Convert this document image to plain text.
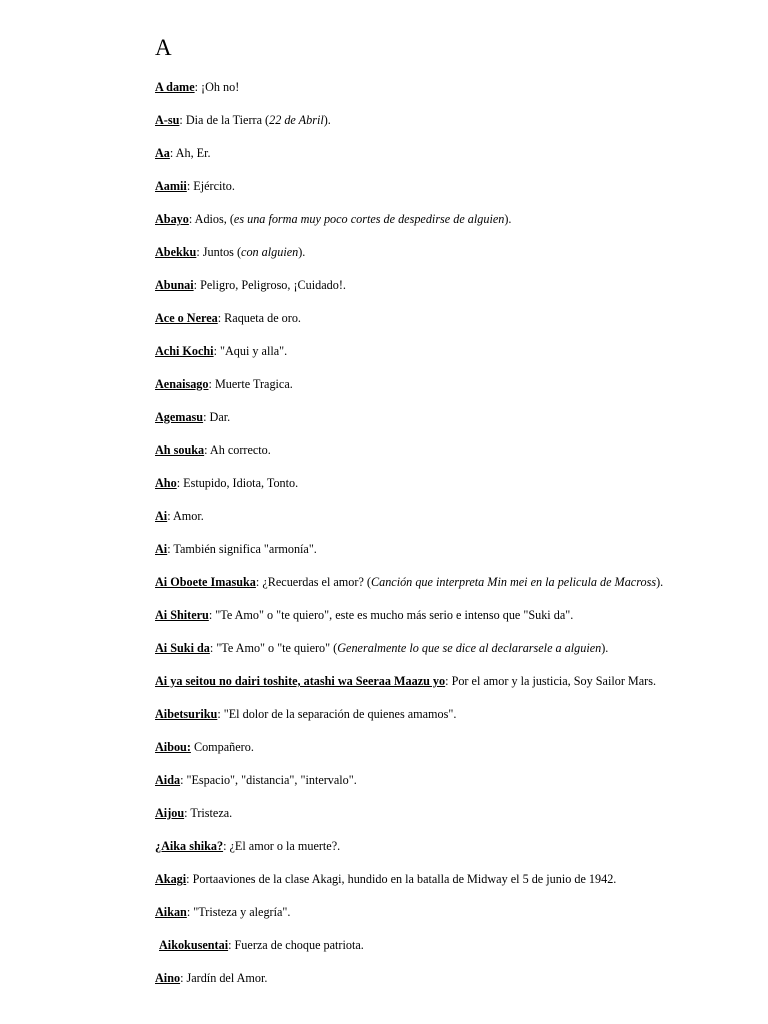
A
A dame: ¡Oh no!
A-su: Dia de la Tierra (22 de Abril).
Aa: Ah, Er.
Aamii: Ejército.
Abayo: Adios, (es una forma muy poco cortes de despedirse de alguien).
Abekku: Juntos (con alguien).
Abunai: Peligro, Peligroso, ¡Cuidado!.
Ace o Nerea: Raqueta de oro.
Achi Kochi: "Aqui y alla".
Aenaisago: Muerte Tragica.
Agemasu: Dar.
Ah souka: Ah correcto.
Aho: Estupido, Idiota, Tonto.
Ai: Amor.
Ai: También significa "armonía".
Ai Oboete Imasuka: ¿Recuerdas el amor? (Canción que interpreta Min mei en la pelicula de Macross).
Ai Shiteru: "Te Amo" o "te quiero", este es mucho más serio e intenso que "Suki da".
Ai Suki da: "Te Amo" o "te quiero" (Generalmente lo que se dice al declararsele a alguien).
Ai ya seitou no dairi toshite, atashi wa Seeraa Maazu yo: Por el amor y la justicia, Soy Sailor Mars.
Aibetsuriku: "El dolor de la separación de quienes amamos".
Aibou: Compañero.
Aida: "Espacio", "distancia", "intervalo".
Aijou: Tristeza.
¿Aika shika?: ¿El amor o la muerte?.
Akagi: Portaaviones de la clase Akagi, hundido en la batalla de Midway el 5 de junio de 1942.
Aikan: "Tristeza y alegría".
Aikokusentai: Fuerza de choque patriota.
Aino: Jardín del Amor.
